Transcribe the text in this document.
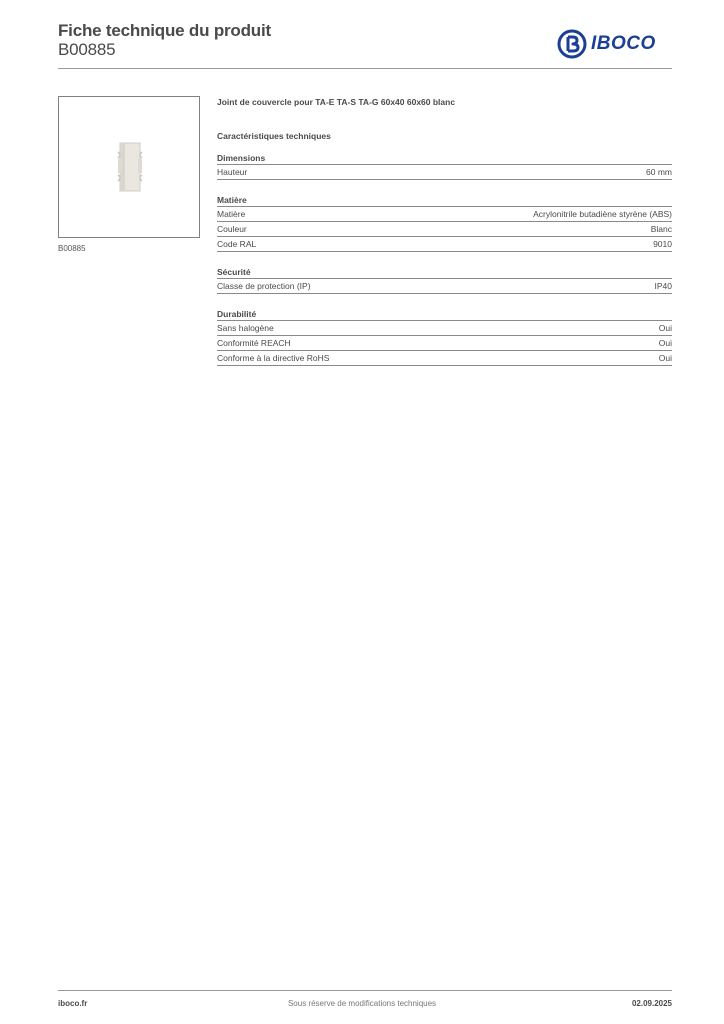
Fiche technique du produit
B00885	IBOCO
B00885
Joint de couvercle pour TA-E TA-S TA-G 60x40 60x60 blanc
Caractéristiques techniques
Dimensions
Hauteur	60 mm
Matière
Matière	Acrylonitrile butadiène styrène (ABS)
Couleur	Blanc
Code RAL	9010
Sécurité
Classe de protection (IP)	IP40
Durabilité
Sans halogène	Oui
Conformité REACH	Oui
Conforme à la directive RoHS	Oui
iboco.fr	Sous réserve de modifications techniques	02.09.2025
